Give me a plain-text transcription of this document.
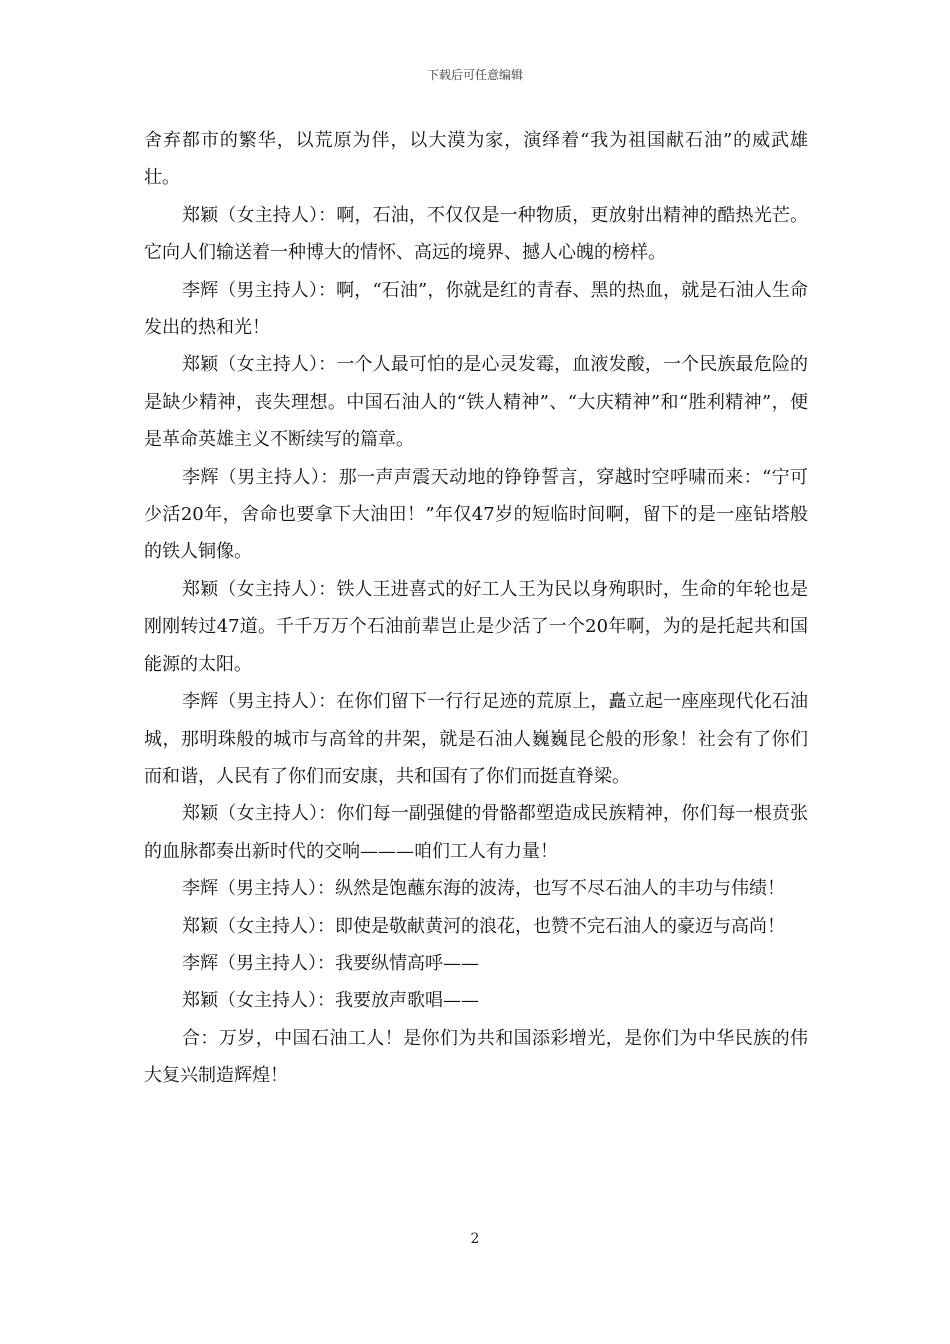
下载后可任意编辑

舍弃都市的繁华，以荒原为伴，以大漠为家，演绎着“我为祖国献石油”的威武雄壮。

郑颖（女主持人）：啊，石油，不仅仅是一种物质，更放射出精神的酷热光芒。它向人们输送着一种博大的情怀、高远的境界、撼人心魄的榜样。

李辉（男主持人）：啊，“石油”，你就是红的青春、黑的热血，就是石油人生命发出的热和光！

郑颖（女主持人）：一个人最可怕的是心灵发霉，血液发酸，一个民族最危险的是缺少精神，丧失理想。中国石油人的“铁人精神”、“大庆精神”和“胜利精神”，便是革命英雄主义不断续写的篇章。

李辉（男主持人）：那一声声震天动地的铮铮誓言，穿越时空呼啸而来：“宁可少活20年，舍命也要拿下大油田！”年仅47岁的短临时间啊，留下的是一座钻塔般的铁人铜像。

郑颖（女主持人）：铁人王进喜式的好工人王为民以身殉职时，生命的年轮也是刚刚转过47道。千千万万个石油前辈岂止是少活了一个20年啊，为的是托起共和国能源的太阳。

李辉（男主持人）：在你们留下一行行足迹的荒原上，矗立起一座座现代化石油城，那明珠般的城市与高耸的井架，就是石油人巍巍昆仑般的形象！社会有了你们而和谐，人民有了你们而安康，共和国有了你们而挺直脊梁。

郑颖（女主持人）：你们每一副强健的骨骼都塑造成民族精神，你们每一根贲张的血脉都奏出新时代的交响———咱们工人有力量！

李辉（男主持人）：纵然是饱蘸东海的波涛，也写不尽石油人的丰功与伟绩！

郑颖（女主持人）：即使是敬献黄河的浪花，也赞不完石油人的豪迈与高尚！

李辉（男主持人）：我要纵情高呼——

郑颖（女主持人）：我要放声歌唱——

合：万岁，中国石油工人！是你们为共和国添彩增光，是你们为中华民族的伟大复兴制造辉煌！

2
